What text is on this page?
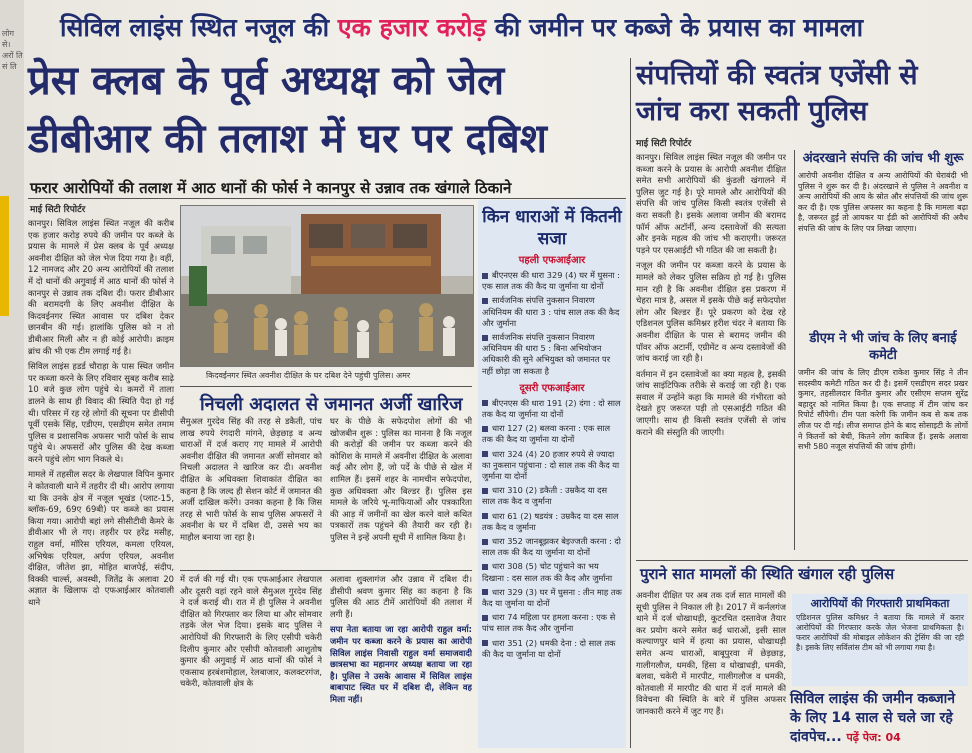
लोग से। अरों ति सं ति
सिविल लाइंस स्थित नजूल की एक हजार करोड़ की जमीन पर कब्जे के प्रयास का मामला
प्रेस क्लब के पूर्व अध्यक्ष को जेल डीबीआर की तलाश में घर पर दबिश
संपत्तियों की स्वतंत्र एजेंसी से जांच करा सकती पुलिस
माई सिटी रिपोर्टर
फरार आरोपियों की तलाश में आठ थानों की फोर्स ने कानपुर से उन्नाव तक खंगाले ठिकाने
माई सिटी रिपोर्टर

कानपुर। सिविल लाइंस स्थित नजूल की करीब एक हजार करोड़ रुपये की जमीन पर कब्जे के प्रयास के मामले में प्रेस क्लब के पूर्व अध्यक्ष अवनीश दीक्षित को जेल भेज दिया गया है। वहीं, 12 नामजद और 20 अन्य आरोपियों की तलाश में दो थानों की अगुवाई में आठ थानों की फोर्स ने कानपुर से उन्नाव तक दबिश दी। फरार डीबीआर की बरामदगी के लिए अवनीश दीक्षित के किदवईनगर स्थित आवास पर दबिश देकर छानबीन की गई। हालांकि पुलिस को न तो डीबीआर मिली और न ही कोई आरोपी। क्राइम ब्रांच की भी एक टीम लगाई गई है।

सिविल लाइंस हडर्ड चौराहा के पास स्थित जमीन पर कब्जा करने के लिए रविवार सुबह करीब साढ़े 10 बजे कुछ लोग पहुंचे थे। कमरों में ताला डालने के साथ ही विवाद की स्थिति पैदा हो गई थी। परिसर में रह रहे लोगों की सूचना पर डीसीपी पूर्वी एसके सिंह, एडीएम, एसडीएम समेत तमाम पुलिस व प्रशासनिक अफसर भारी फोर्स के साथ पहुंचे थे। अफसरों और पुलिस की देख कब्जा करने पहुंचे लोग भाग निकले थे।

मामले में तहसील सदर के लेखपाल विपिन कुमार ने कोतवाली थाने में तहरीर दी थी। आरोप लगाया था कि उनके क्षेत्र में नजूल भूखंड (प्लाट-15, ब्लॉक-69, 69ए 69बी) पर कब्जे का प्रयास किया गया। आरोपी बहां लगे सीसीटीवी कैमरे के डीवीआर भी ले गए। तहरीर पर हरेंद्र मसीह, राहुल वर्मा, मॉरिस एरियल, कमला एरियल, अभिषेक एरियल, अर्पण एरियल, अवनीश दीक्षित, जीतेश झा, मोहित बाजपेई, संदीप, विक्की चार्ल्स, अवस्थी, जितेंद्र के अलावा 20 अज्ञात के खिलाफ दो एफआईआर कोतवाली थाने

किदवईनगर स्थित अवनीश दीक्षित के घर दबिश देने पहुंची पुलिस। अमर
निचली अदालत से जमानत अर्जी खारिज
सैमुअल गुरदेव सिंह की तरह से डकैती, पांच लाख रुपये रंगदारी मांगने, छेड़छाड़ व अन्य धाराओं में दर्ज कराए गए मामले में आरोपी अवनीश दीक्षित की जमानत अर्जी सोमवार को निचली अदालत ने खारिज कर दी। अवनीश दीक्षित के अधिवक्ता शिवाकांत दीक्षित का कहना है कि जल्द ही सेशन कोर्ट में जमानत की अर्जी दाखिल करेंगे। उनका कहना है कि जिस तरह से भारी फोर्स के साथ पुलिस अफसरों ने अवनीश के घर में दबिश दी, उससे भय का माहौल बनाया जा रहा है।
घर के पीछे के सफेदपोश लोगों की भी खोजबीन शुरू : पुलिस का मानना है कि नजूल की करोड़ों की जमीन पर कब्जा करने की कोशिश के मामले में अवनीश दीक्षित के अलावा कई और लोग हैं, जो पर्दे के पीछे से खेल में शामिल हैं। इसमें शहर के नामचीन सफेदपोश, कुछ अधिवक्ता और बिल्डर हैं। पुलिस इस मामले के जरिये भू-माफियाओं और पत्रकारिता की आड़ में जमीनों का खेल करने वाले कथित पत्रकारों तक पहुंचने की तैयारी कर रही है। पुलिस ने इन्हें अपनी सूची में शामिल किया है।
में दर्ज की गई थी। एक एफआईआर लेखपाल और दूसरी वहां रहने वाले सैमुअल गुरदेव सिंह ने दर्ज कराई थी। रात में ही पुलिस ने अवनीश दीक्षित को गिरफ्तार कर लिया था और सोमवार तड़के जेल भेज दिया। इसके बाद पुलिस ने आरोपियों की गिरफ्तारी के लिए एसीपी चकेरी दिलीप कुमार और एसीपी कोतवाली आशुतोष कुमार की अगुवाई में आठ थानों की फोर्स ने एकसाथ हरबंशमोहाल, रेलबाजार, कलक्टरगंज, चकेरी, कोतवाली क्षेत्र के

अलावा शुक्लागंज और उन्नाव में दबिश दी। डीसीपी श्रवण कुमार सिंह का कहना है कि पुलिस की आठ टीमें आरोपियों की तलाश में लगी हैं।

सपा नेता बताया जा रहा आरोपी राहुल वर्मा: जमीन पर कब्जा करने के प्रयास का आरोपी सिविल लाइंस निवासी राहुल वर्मा समाजवादी छात्रसभा का महानगर अध्यक्ष बताया जा रहा है। पुलिस ने उसके आवास में सिविल लाइंस बाबापाट स्थित घर में दबिश दी, लेकिन वह मिला नहीं।

किन धाराओं में कितनी सजा
पहली एफआईआर
बीएनएस की धारा 329 (4) घर में घुसना : एक साल तक की कैद या जुर्माना या दोनों
सार्वजनिक संपत्ति नुकसान निवारण अधिनियम की धारा 3 : पांच साल तक की कैद और जुर्माना
सार्वजनिक संपत्ति नुकसान निवारण अधिनियम की धारा 5 : बिना अभियोजन अधिकारी की सुने अभियुक्त को जमानत पर नहीं छोड़ा जा सकता है
दूसरी एफआईआर
बीएनएस की धारा 191 (2) दंगा : दो साल तक कैद या जुर्माना या दोनों
धारा 127 (2) बलवा करना : एक साल तक की कैद या जुर्माना या दोनों
धारा 324 (4) 20 हजार रुपये से ज्यादा का नुकसान पहुंचाना : दो साल तक की कैद या जुर्माना या दोनों
धारा 310 (2) डकैती : उम्रकैद या दस साल तक कैद व जुर्माना
धारा 61 (2) षडयंत्र : उम्रकैद या दस साल तक कैद व जुर्माना
धारा 352 जानबूझकर बेइज्जती करना : दो साल तक की कैद या जुर्माना या दोनों
धारा 308 (5) चोट पहुंचाने का भय दिखाना : दस साल तक की कैद और जुर्माना
धारा 329 (3) घर में घुसना : तीन माह तक कैद या जुर्माना या दोनों
धारा 74 महिला पर हमला करना : एक से पांच साल तक कैद और जुर्माना
धारा 351 (2) धमकी देना : दो साल तक की कैद या जुर्माना या दोनों

कानपुर। सिविल लाइंस स्थित नजूल की जमीन पर कब्जा करने के प्रयास के आरोपी अवनीश दीक्षित समेत सभी आरोपियों की कुंडली खंगालने में पुलिस जुट गई है। पूरे मामले और आरोपियों की संपत्ति की जांच पुलिस किसी स्वतंत्र एजेंसी से करा सकती है। इसके अलावा जमीन की बरामद फॉर्म ऑफ अटॉर्नी, अन्य दस्तावेजों की सत्यता और इनके महत्व की जांच भी कराएगी। जरूरत पड़ने पर एसआईटी भी गठित की जा सकती है।

नजूल की जमीन पर कब्जा करने के प्रयास के मामले को लेकर पुलिस सक्रिय हो गई है। पुलिस मान रही है कि अवनीश दीक्षित इस प्रकरण में चेहरा मात्र है, असल में इसके पीछे कई सफेदपोश लोग और बिल्डर हैं। पूरे प्रकरण को देख रहे एडिशनल पुलिस कमिश्नर हरीश चंदर ने बताया कि अवनीश दीक्षित के पास से बरामद जमीन की पॉवर ऑफ अटार्नी, एग्रीमेंट व अन्य दस्तावेजों की जांच कराई जा रही है।

वर्तमान में इन दस्तावेजों का क्या महत्व है, इसकी जांच साइंटिफिक तरीके से कराई जा रही है। एक सवाल में उन्होंने कहा कि मामले की गंभीरता को देखते हुए जरूरत पड़ी तो एसआईटी गठित की जाएगी। साथ ही किसी स्वतंत्र एजेंसी से जांच कराने की संस्तुति की जाएगी।

अंदरखाने संपत्ति की जांच भी शुरू
आरोपी अवनीश दीक्षित व अन्य आरोपियों की घेराबंदी भी पुलिस ने शुरू कर दी है। अंदरखाने से पुलिस ने अवनीश व अन्य आरोपियों की आय के स्रोत और संपत्तियों की जांच शुरू कर दी है। एक पुलिस अफसर का कहना है कि मामला बढ़ा है, जरूरत हुई तो आयकर या ईडी को आरोपियों की अवैध संपत्ति की जांच के लिए पत्र लिखा जाएगा।
डीएम ने भी जांच के लिए बनाई कमेटी
जमीन की जांच के लिए डीएम राकेश कुमार सिंह ने तीन सदस्यीय कमेटी गठित कर दी है। इसमें एसडीएम सदर प्रखर कुमार, तहसीलदार विनीत कुमार और एसीएम सप्तम सुरेंद्र बहादुर को नामित किया है। एक सप्ताह में टीम जांच कर रिपोर्ट सौंपेगी। टीम पता करेगी कि जमीन कब से कब तक लीज पर दी गई। लीज समाप्त होने के बाद सोसाइटी के लोगों ने कितनों को बेची, कितने लोग काबिज हैं। इसके अलावा सभी 580 नजूल संपत्तियों की जांच होगी।
पुराने सात मामलों की स्थिति खंगाल रही पुलिस
अवनीश दीक्षित पर अब तक दर्ज सात मामलों की सूची पुलिस ने निकाल ली है। 2017 में कर्नलगंज थाने में दर्ज धोखाधड़ी, कूटरचित दस्तावेज तैयार कर प्रयोग करने समेत कई धाराओं, इसी साल कल्याणपुर थाने में हत्या का प्रयास, धोखाधड़ी समेत अन्य धाराओं, बाबूपुरवा में छेड़छाड़, गालीगलौज, धमकी, हिंसा व धोखाधड़ी, धमकी, बलवा, चकेरी में मारपीट, गालीगलौज व धमकी, कोतवाली में मारपीट की धारा में दर्ज मामले की विवेचना की स्थिति के बारे में पुलिस अफसर जानकारी करने में जुट गए हैं।
आरोपियों की गिरफ्तारी प्राथमिकता
एडिशनल पुलिस कमिश्नर ने बताया कि मामले में करार आरोपियों की गिरफ्तार करके जेल भेजना प्राथमिकता है। फरार आरोपियों की मोबाइल लोकेशन की ट्रेसिंग की जा रही है। इसके लिए सर्विलांस टीम को भी लगाया गया है।
सिविल लाइंस की जमीन कब्जाने के लिए 14 साल से चले जा रहे दांवपेच... पढ़ें पेज: 04
